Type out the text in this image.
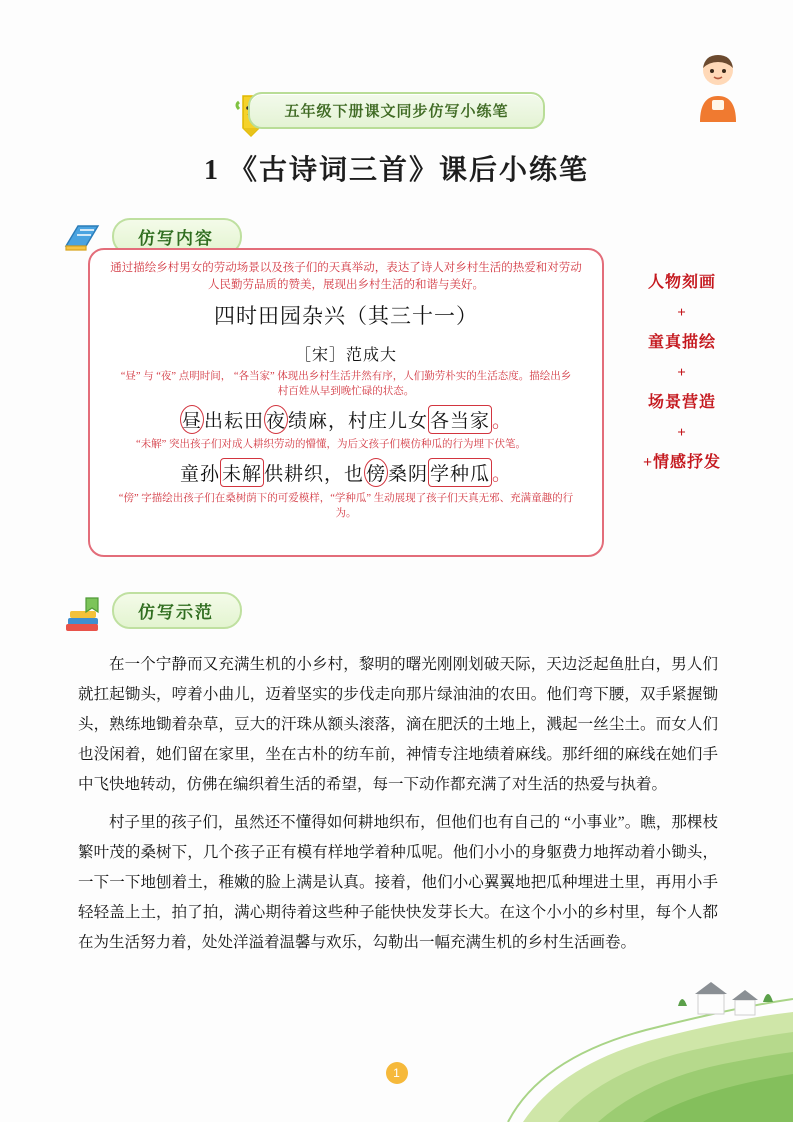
五年级下册课文同步仿写小练笔
1 《古诗词三首》课后小练笔
仿写内容
通过描绘乡村男女的劳动场景以及孩子们的天真举动，表达了诗人对乡村生活的热爱和对劳动人民勤劳品质的赞美，展现出乡村生活的和谐与美好。
四时田园杂兴（其三十一）
［宋］范成大
“昼” 与 “夜” 点明时间， “各当家” 体现出乡村生活井然有序，人们勤劳朴实的生活态度。描绘出乡村百姓从早到晚忙碌的状态。
昼 出耘田 夜 绩麻，村庄儿女 各当家 。
“未解” 突出孩子们对成人耕织劳动的懵懂，为后文孩子们模仿种瓜的行为埋下伏笔。
童孙 未解 供耕织，也 傍 桑阴 学种瓜 。
“傍” 字描绘出孩子们在桑树荫下的可爱模样，“学种瓜” 生动展现了孩子们天真无邪、充满童趣的行为。
人物刻画
+
童真描绘
+
场景营造
+
+情感抒发
仿写示范

在一个宁静而又充满生机的小乡村，黎明的曙光刚刚划破天际，天边泛起鱼肚白，男人们就扛起锄头，哼着小曲儿，迈着坚实的步伐走向那片绿油油的农田。他们弯下腰，双手紧握锄头，熟练地锄着杂草，豆大的汗珠从额头滚落，滴在肥沃的土地上，溅起一丝尘土。而女人们也没闲着，她们留在家里，坐在古朴的纺车前，神情专注地绩着麻线。那纤细的麻线在她们手中飞快地转动，仿佛在编织着生活的希望，每一下动作都充满了对生活的热爱与执着。

村子里的孩子们，虽然还不懂得如何耕地织布，但他们也有自己的 “小事业”。瞧，那棵枝繁叶茂的桑树下，几个孩子正有模有样地学着种瓜呢。他们小小的身躯费力地挥动着小锄头，一下一下地刨着土，稚嫩的脸上满是认真。接着，他们小心翼翼地把瓜种埋进土里，再用小手轻轻盖上土，拍了拍，满心期待着这些种子能快快发芽长大。在这个小小的乡村里，每个人都在为生活努力着，处处洋溢着温馨与欢乐，勾勒出一幅充满生机的乡村生活画卷。

1
